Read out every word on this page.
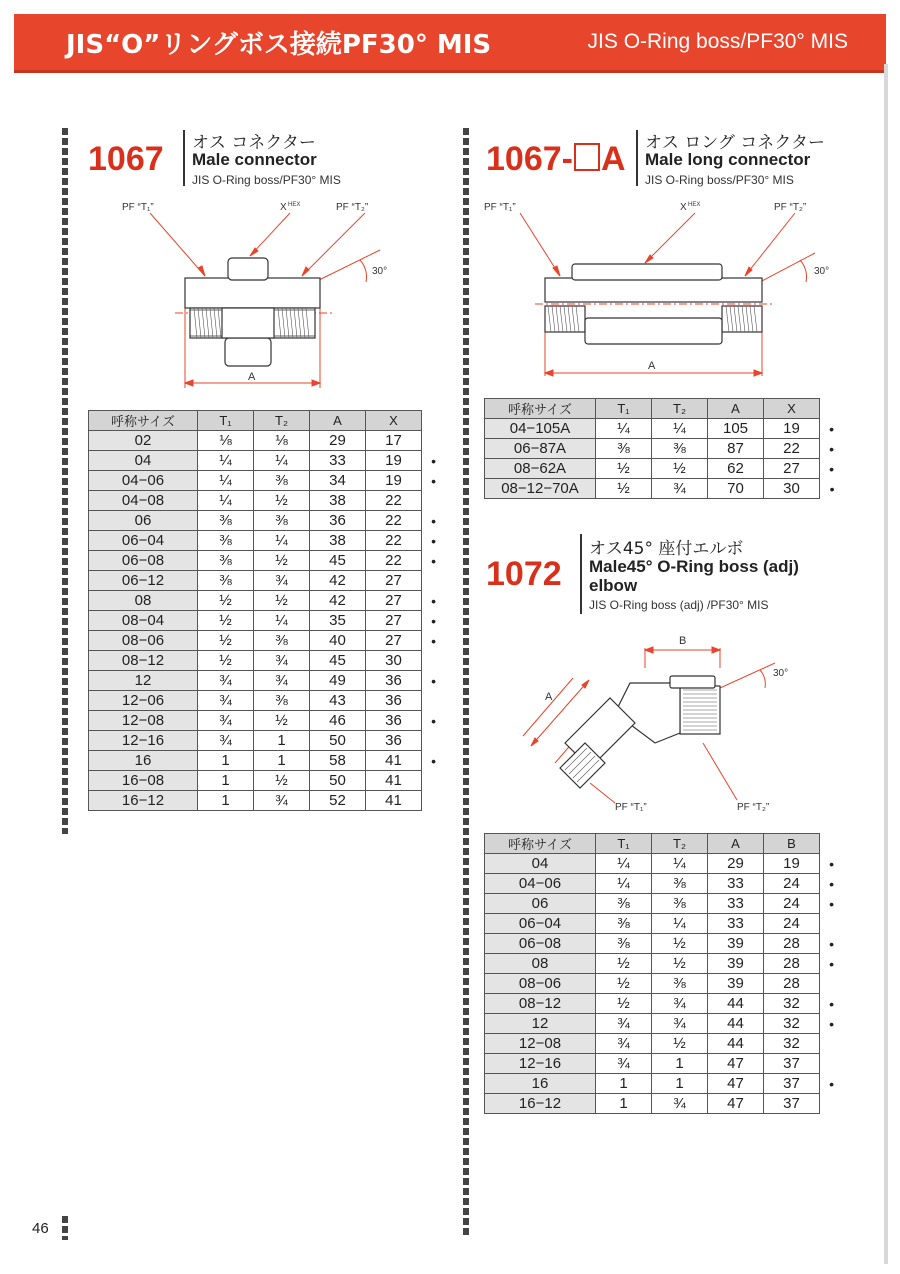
JIS“O”リングボス接続PF30° MIS	JIS O-Ring boss/PF30° MIS
1067 オス コネクター
Male connector
JIS O-Ring boss/PF30° MIS
PF “T₁”	X HEX	PF “T₂”
30°
A
呼称サイズ	T₁	T₂	A	X	
02	⅛	⅛	29	17	
04	¼	¼	33	19	•
04−06	¼	⅜	34	19	•
04−08	¼	½	38	22	
06	⅜	⅜	36	22	•
06−04	⅜	¼	38	22	•
06−08	⅜	½	45	22	•
06−12	⅜	¾	42	27	
08	½	½	42	27	•
08−04	½	¼	35	27	•
08−06	½	⅜	40	27	•
08−12	½	¾	45	30	
12	¾	¾	49	36	•
12−06	¾	⅜	43	36	
12−08	¾	½	46	36	•
12−16	¾	1	50	36	
16	1	1	58	41	•
16−08	1	½	50	41	
16−12	1	¾	52	41	
1067- A オス ロング コネクター
Male long connector
JIS O-Ring boss/PF30° MIS
PF “T₁”	X HEX	PF “T₂”
30°
A
呼称サイズ	T₁	T₂	A	X	
04−105A	¼	¼	105	19	•
06−87A	⅜	⅜	87	22	•
08−62A	½	½	62	27	•
08−12−70A	½	¾	70	30	•
1072
オス45° 座付エルボ
Male45° O-Ring boss (adj)
elbow
JIS O-Ring boss (adj) /PF30° MIS
B
A
30°
PF “T₁”	PF “T₂”
呼称サイズ	T₁	T₂	A	B	
04	¼	¼	29	19	•
04−06	¼	⅜	33	24	•
06	⅜	⅜	33	24	•
06−04	⅜	¼	33	24	
06−08	⅜	½	39	28	•
08	½	½	39	28	•
08−06	½	⅜	39	28	
08−12	½	¾	44	32	•
12	¾	¾	44	32	•
12−08	¾	½	44	32	
12−16	¾	1	47	37	
16	1	1	47	37	•
16−12	1	¾	47	37	
46
